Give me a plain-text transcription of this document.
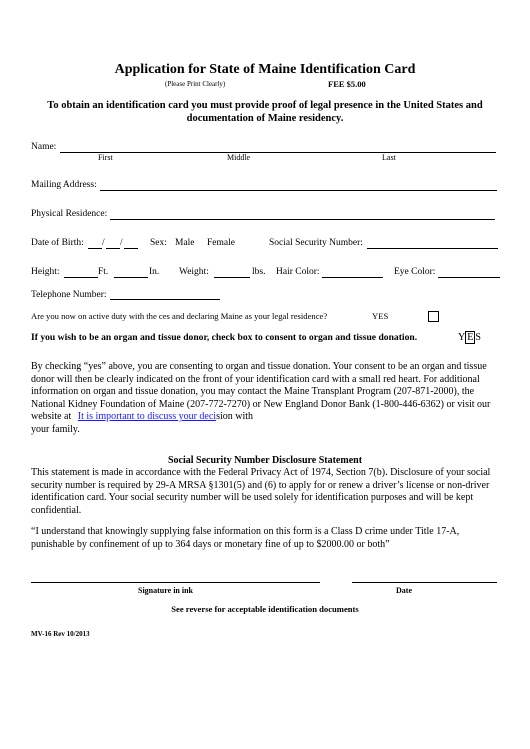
Application for State of Maine Identification Card
(Please Print Clearly)	FEE $5.00
To obtain an identification card you must provide proof of legal presence in the United States and documentation of Maine residency.
Name:
First	Middle	Last
Mailing Address:
Physical Residence:
Date of Birth: / /	Sex: Male Female	Social Security Number:
Height:	Ft.	In. Weight:	lbs. Hair Color:	Eye Color:
Telephone Number:
Are you now on active duty with the ces and declaring Maine as your legal residence?	YES
If you wish to be an organ and tissue donor, check box to consent to organ and tissue donation.	Y E S
By checking “yes” above, you are consenting to organ and tissue donation. Your consent to be an organ and tissue donor will then be clearly indicated on the front of your identification card with a small red heart. For additional information on organ and tissue donation, you may contact the Maine Transplant Program (207-871-2000), the National Kidney Foundation of Maine (207-772-7270) or New England Donor Bank (1-800-446-6362) or visit our website at It is important to discuss your decision with
your family.
Social Security Number Disclosure Statement
This statement is made in accordance with the Federal Privacy Act of 1974, Section 7(b). Disclosure of your social security number is required by 29-A MRSA §1301(5) and (6) to apply for or renew a driver’s license or non-driver identification card. Your social security number will be used solely for identification purposes and will be kept confidential.
“I understand that knowingly supplying false information on this form is a Class D crime under Title 17-A, punishable by confinement of up to 364 days or monetary fine of up to $2000.00 or both”
Signature in ink	Date
See reverse for acceptable identification documents
MV-16 Rev 10/2013
